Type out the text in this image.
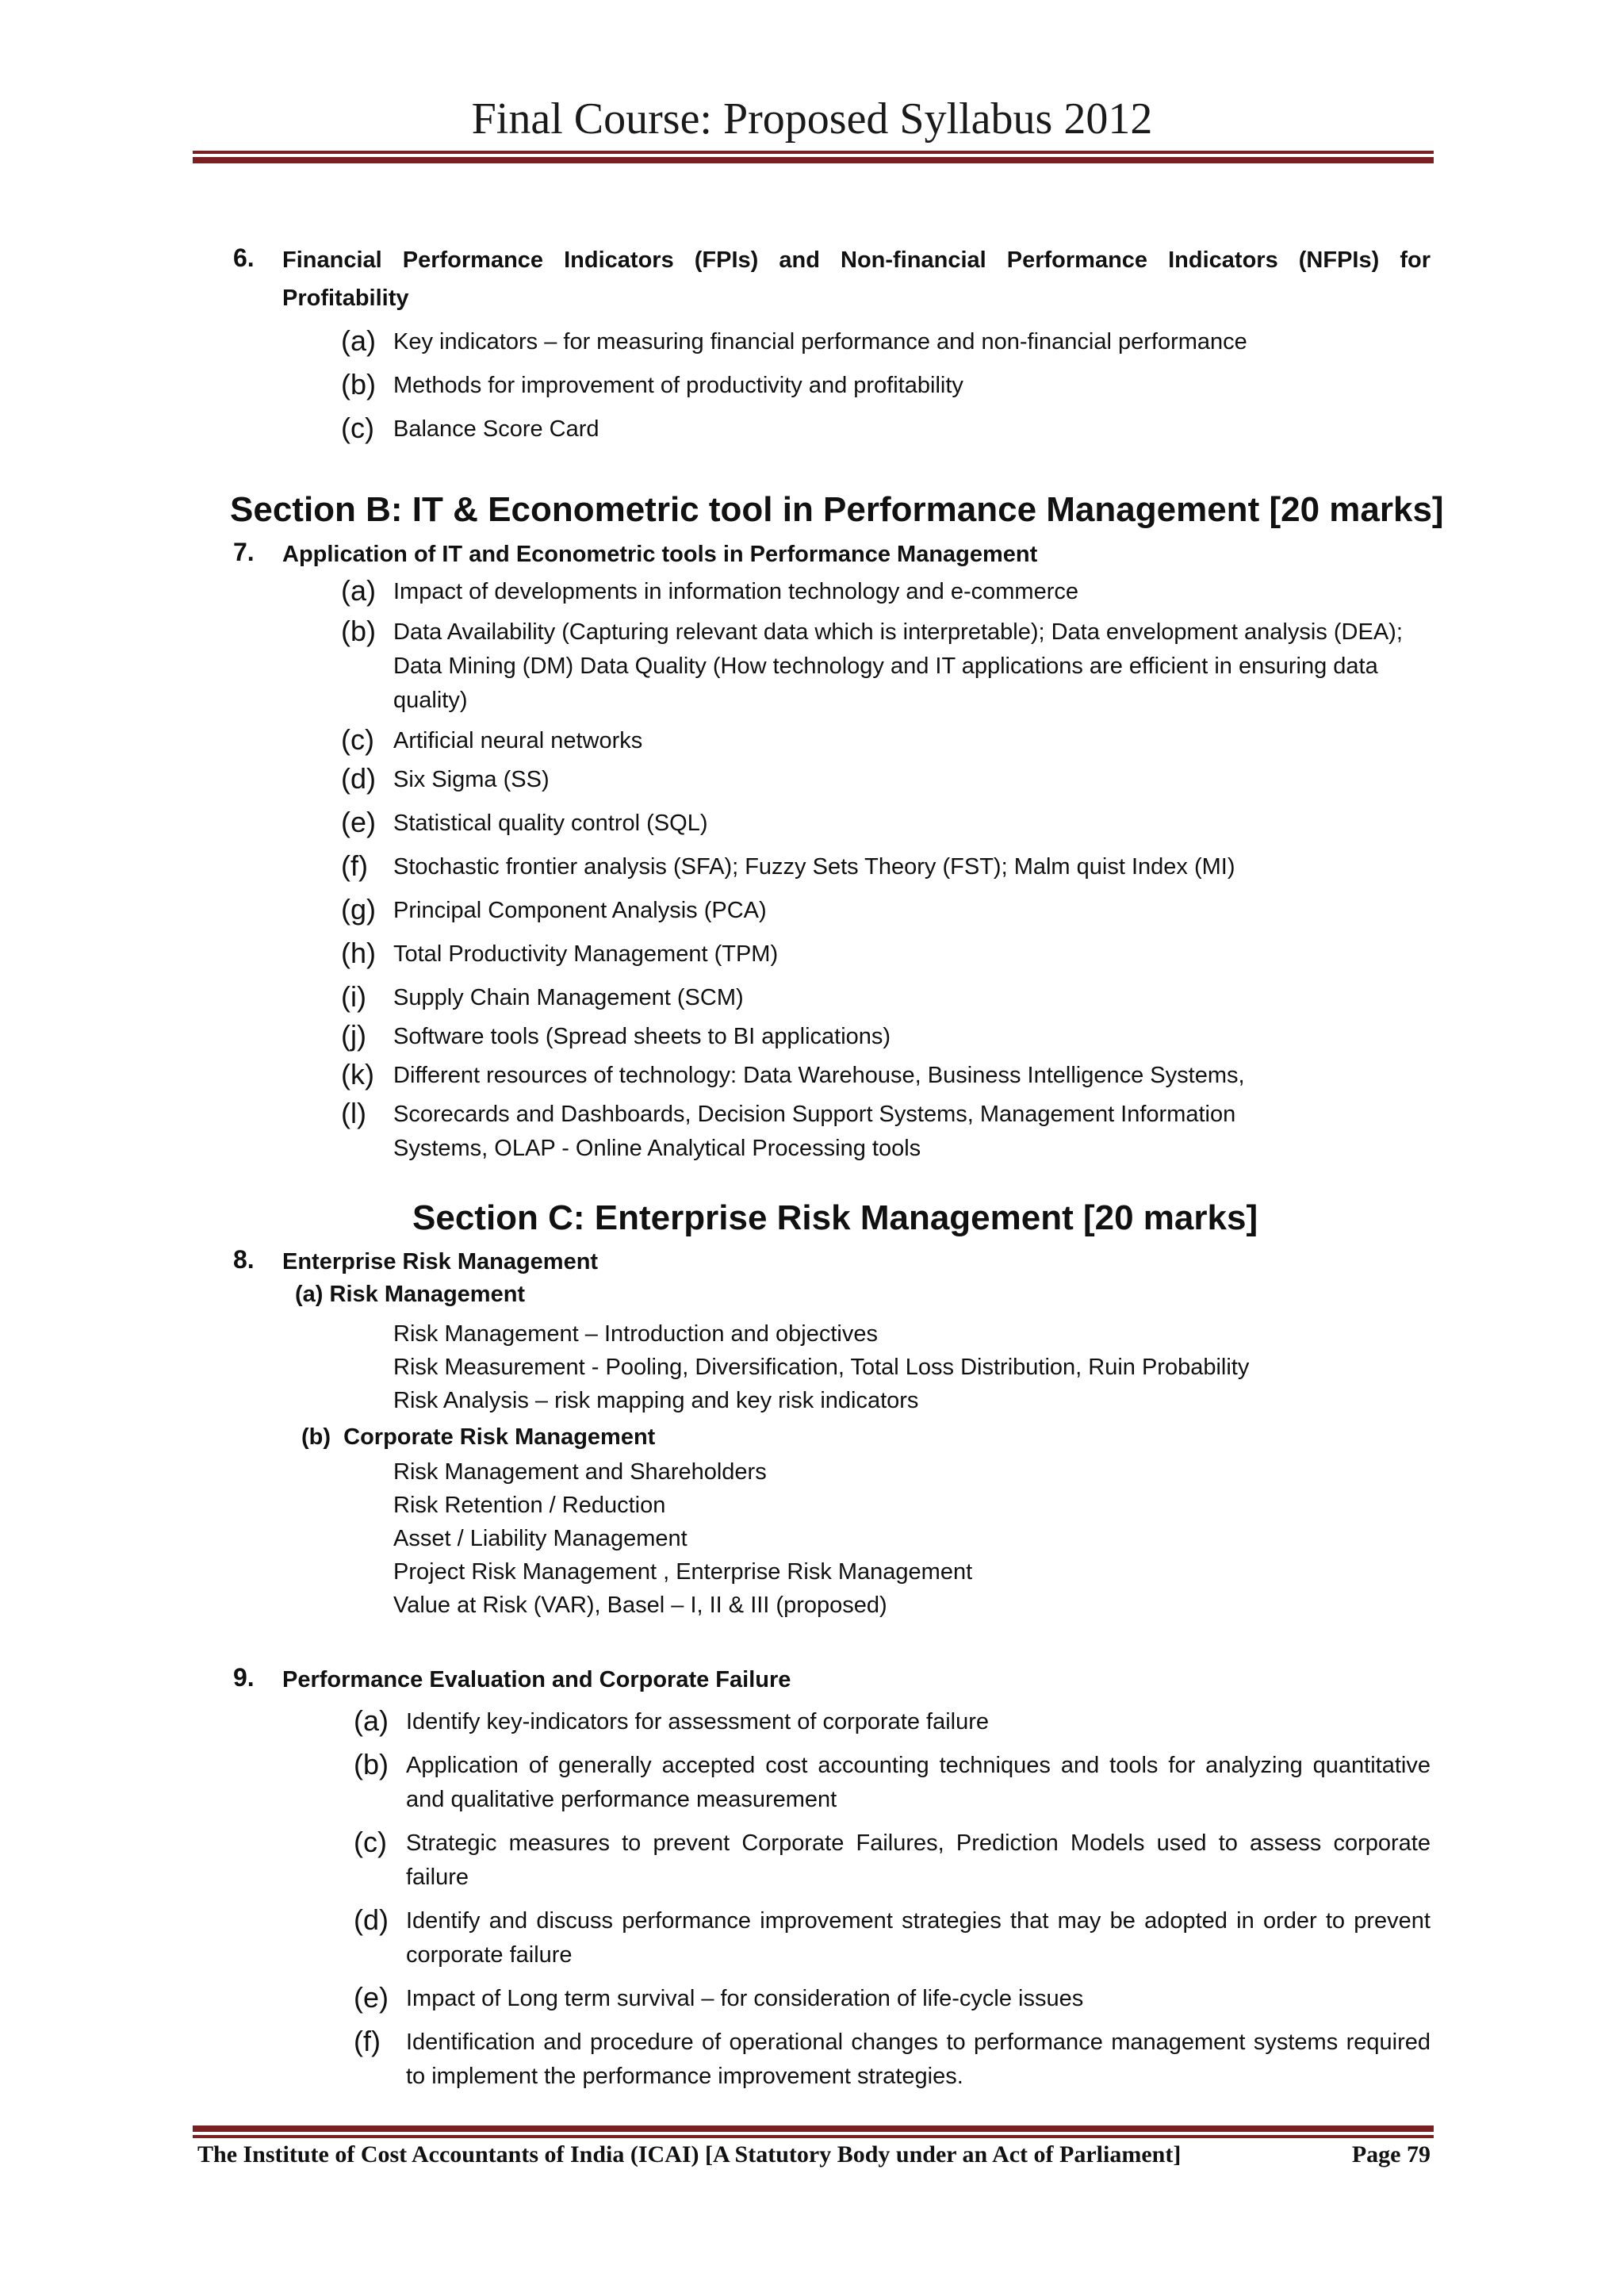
Final Course: Proposed Syllabus 2012
6. Financial Performance Indicators (FPIs) and Non-financial Performance Indicators (NFPIs) for
Profitability
(a) Key indicators – for measuring financial performance and non-financial performance
(b) Methods for improvement of productivity and profitability
(c) Balance Score Card
Section B: IT & Econometric tool in Performance Management [20 marks]
7. Application of IT and Econometric tools in Performance Management
(a) Impact of developments in information technology and e-commerce
(b) Data Availability (Capturing relevant data which is interpretable); Data envelopment analysis (DEA); Data Mining (DM) Data Quality (How technology and IT applications are efficient in ensuring data quality)
(c) Artificial neural networks
(d) Six Sigma (SS)
(e) Statistical quality control (SQL)
(f)	Stochastic frontier analysis (SFA); Fuzzy Sets Theory (FST); Malm quist Index (MI)
(g) Principal Component Analysis (PCA)
(h) Total Productivity Management (TPM)
(i)	Supply Chain Management (SCM)
(j)	Software tools (Spread sheets to BI applications)
(k) Different resources of technology: Data Warehouse, Business Intelligence Systems,
(l)	Scorecards and Dashboards, Decision Support Systems, Management Information Systems, OLAP - Online Analytical Processing tools
Section C: Enterprise Risk Management [20 marks]
8. Enterprise Risk Management
(a) Risk Management
Risk Management – Introduction and objectives
Risk Measurement - Pooling, Diversification, Total Loss Distribution, Ruin Probability
Risk Analysis – risk mapping and key risk indicators
(b)  Corporate Risk Management
Risk Management and Shareholders
Risk Retention / Reduction
Asset / Liability Management
Project Risk Management , Enterprise Risk Management
Value at Risk (VAR), Basel – I, II & III (proposed)
9. Performance Evaluation and Corporate Failure
(a) Identify key-indicators for assessment of corporate failure
(b) Application of generally accepted cost accounting techniques and tools for analyzing quantitative and qualitative performance measurement
(c) Strategic measures to prevent Corporate Failures, Prediction Models used to assess corporate failure
(d) Identify and discuss performance improvement strategies that may be adopted in order to prevent corporate failure
(e) Impact of Long term survival – for consideration of life-cycle issues
(f)	Identification and procedure of operational changes to performance management systems required to implement the performance improvement strategies.
The Institute of Cost Accountants of India (ICAI) [A Statutory Body under an Act of Parliament]	Page 79
